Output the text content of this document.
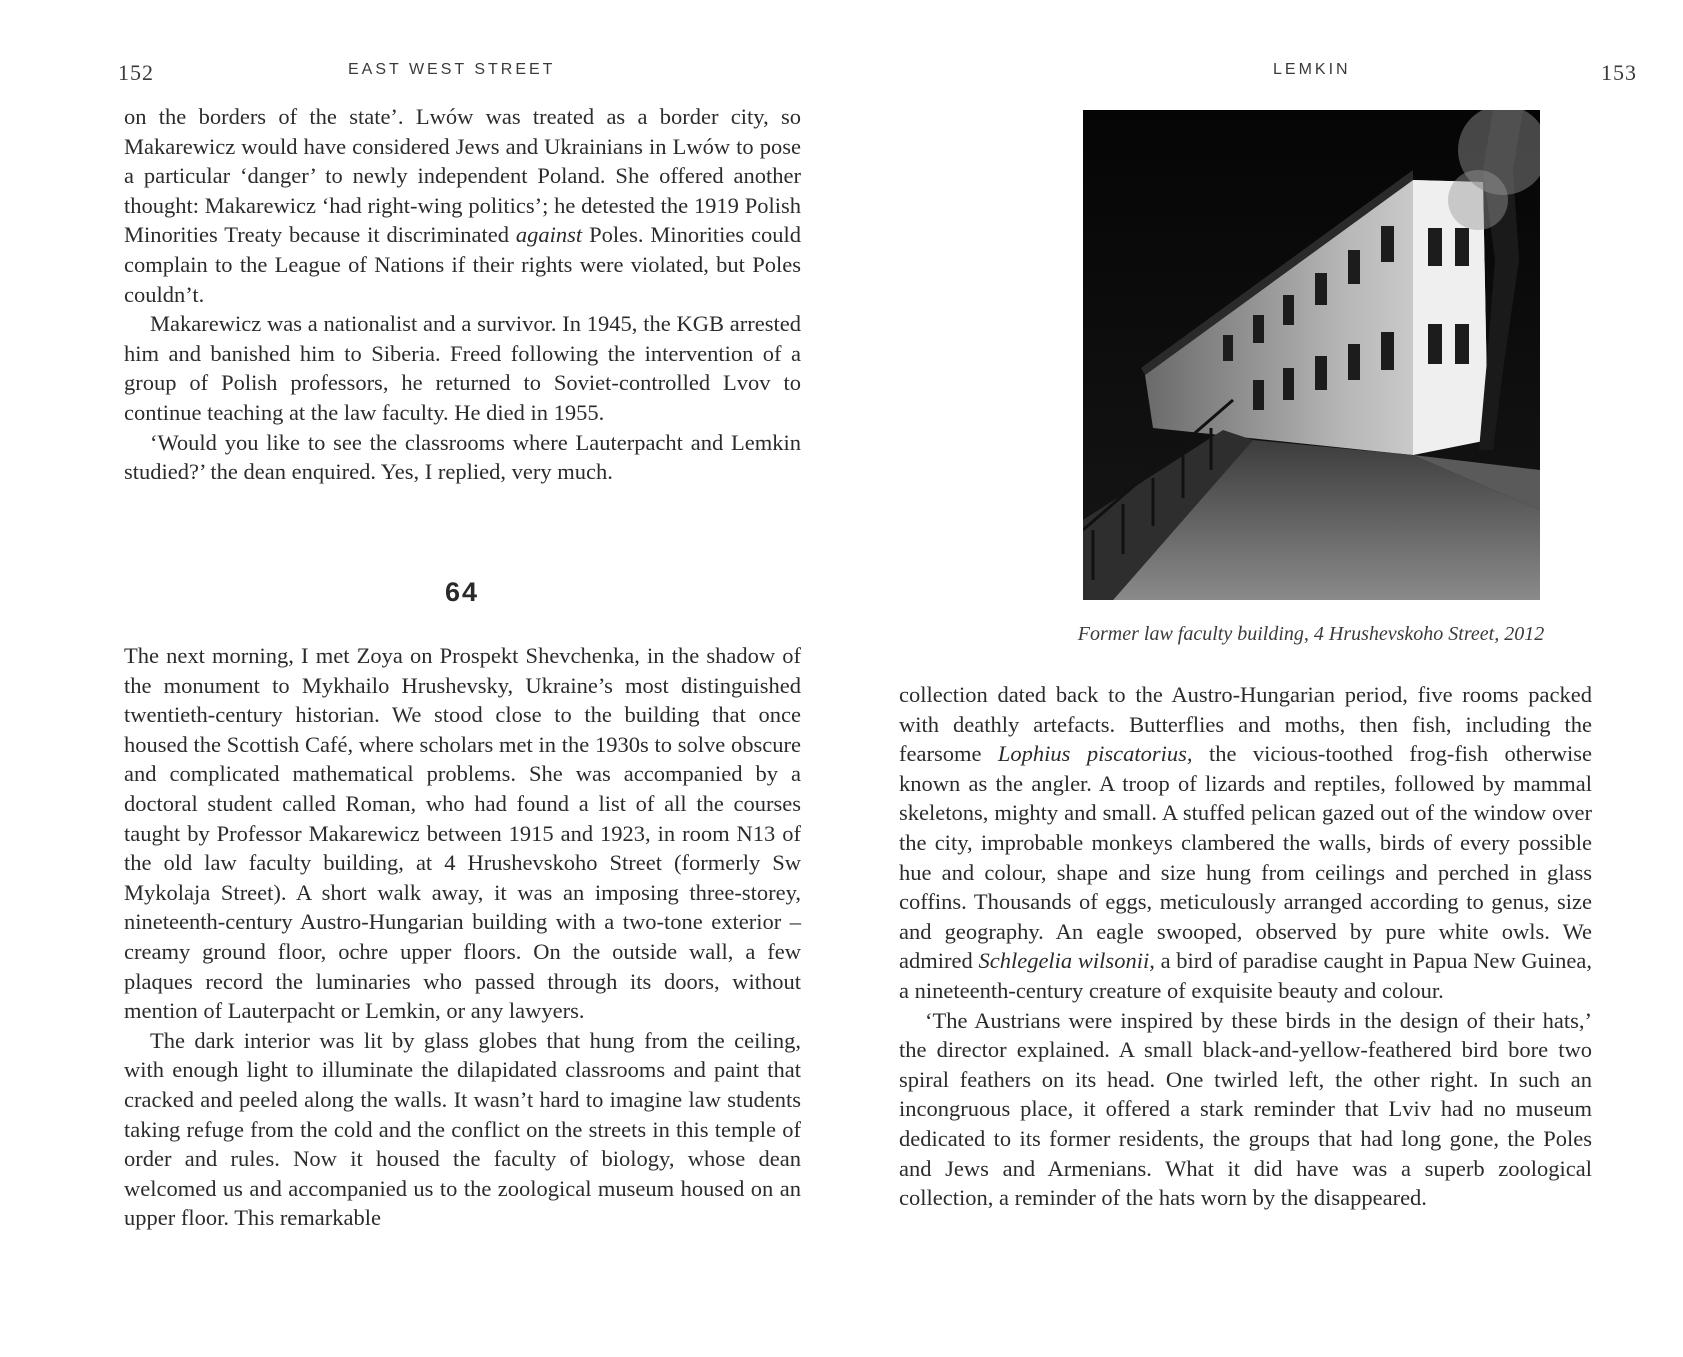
152	EAST WEST STREET

on the borders of the state’. Lwów was treated as a border city, so Makarewicz would have considered Jews and Ukrainians in Lwów to pose a particular ‘danger’ to newly independent Poland. She offered another thought: Makarewicz ‘had right-wing politics’; he detested the 1919 Polish Minorities Treaty because it discriminated against Poles. Minorities could complain to the League of Nations if their rights were violated, but Poles couldn’t.

Makarewicz was a nationalist and a survivor. In 1945, the KGB arrested him and banished him to Siberia. Freed following the intervention of a group of Polish professors, he returned to Soviet-controlled Lvov to continue teaching at the law faculty. He died in 1955.

‘Would you like to see the classrooms where Lauterpacht and Lemkin studied?’ the dean enquired. Yes, I replied, very much.

64

The next morning, I met Zoya on Prospekt Shevchenka, in the shadow of the monument to Mykhailo Hrushevsky, Ukraine’s most distinguished twentieth-century historian. We stood close to the building that once housed the Scottish Café, where scholars met in the 1930s to solve obscure and complicated mathematical problems. She was accompanied by a doctoral student called Roman, who had found a list of all the courses taught by Professor Makarewicz between 1915 and 1923, in room N13 of the old law faculty building, at 4 Hrushevskoho Street (formerly Sw Mykolaja Street). A short walk away, it was an imposing three-storey, nineteenth-century Austro-Hungarian building with a two-tone exterior – creamy ground floor, ochre upper floors. On the outside wall, a few plaques record the luminaries who passed through its doors, without mention of Lauterpacht or Lemkin, or any lawyers.

The dark interior was lit by glass globes that hung from the ceiling, with enough light to illuminate the dilapidated classrooms and paint that cracked and peeled along the walls. It wasn’t hard to imagine law students taking refuge from the cold and the conflict on the streets in this temple of order and rules. Now it housed the faculty of biology, whose dean welcomed us and accompanied us to the zoological museum housed on an upper floor. This remarkable

LEMKIN	153
Former law faculty building, 4 Hrushevskoho Street, 2012

collection dated back to the Austro-Hungarian period, five rooms packed with deathly artefacts. Butterflies and moths, then fish, including the fearsome Lophius piscatorius, the vicious-toothed frog-fish otherwise known as the angler. A troop of lizards and reptiles, followed by mammal skeletons, mighty and small. A stuffed pelican gazed out of the window over the city, improbable monkeys clambered the walls, birds of every possible hue and colour, shape and size hung from ceilings and perched in glass coffins. Thousands of eggs, meticulously arranged according to genus, size and geography. An eagle swooped, observed by pure white owls. We admired Schlegelia wilsonii, a bird of paradise caught in Papua New Guinea, a nineteenth-century creature of exquisite beauty and colour.

‘The Austrians were inspired by these birds in the design of their hats,’ the director explained. A small black-and-yellow-feathered bird bore two spiral feathers on its head. One twirled left, the other right. In such an incongruous place, it offered a stark reminder that Lviv had no museum dedicated to its former residents, the groups that had long gone, the Poles and Jews and Armenians. What it did have was a superb zoological collection, a reminder of the hats worn by the disappeared.
